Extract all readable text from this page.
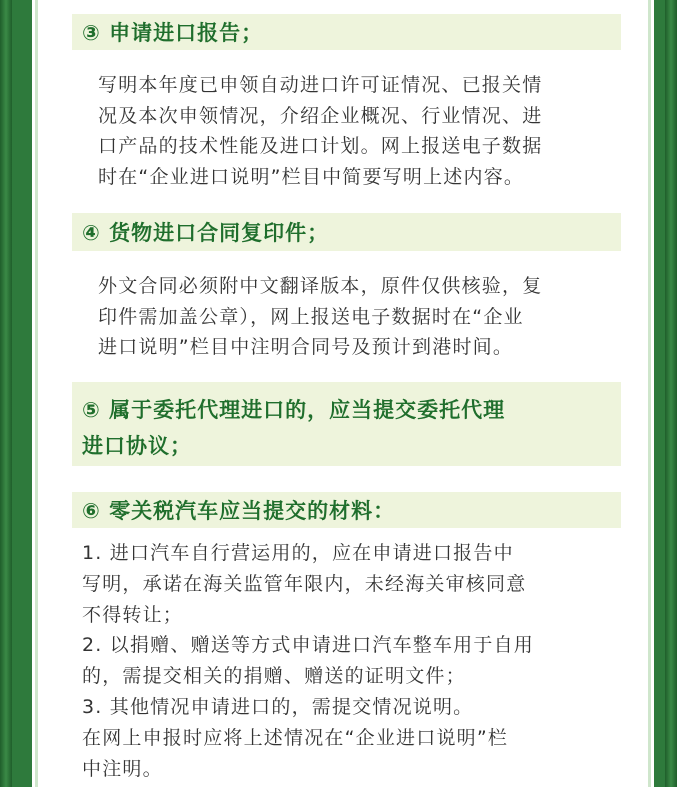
③ 申请进口报告；
写明本年度已申领自动进口许可证情况、已报关情
况及本次申领情况，介绍企业概况、行业情况、进
口产品的技术性能及进口计划。网上报送电子数据
时在“企业进口说明”栏目中简要写明上述内容。
④ 货物进口合同复印件；
外文合同必须附中文翻译版本，原件仅供核验，复
印件需加盖公章），网上报送电子数据时在“企业
进口说明”栏目中注明合同号及预计到港时间。
⑤ 属于委托代理进口的，应当提交委托代理
进口协议；
⑥ 零关税汽车应当提交的材料：
1. 进口汽车自行营运用的，应在申请进口报告中
写明，承诺在海关监管年限内，未经海关审核同意
不得转让；
2. 以捐赠、赠送等方式申请进口汽车整车用于自用
的，需提交相关的捐赠、赠送的证明文件；
3. 其他情况申请进口的，需提交情况说明。
在网上申报时应将上述情况在“企业进口说明”栏
中注明。
